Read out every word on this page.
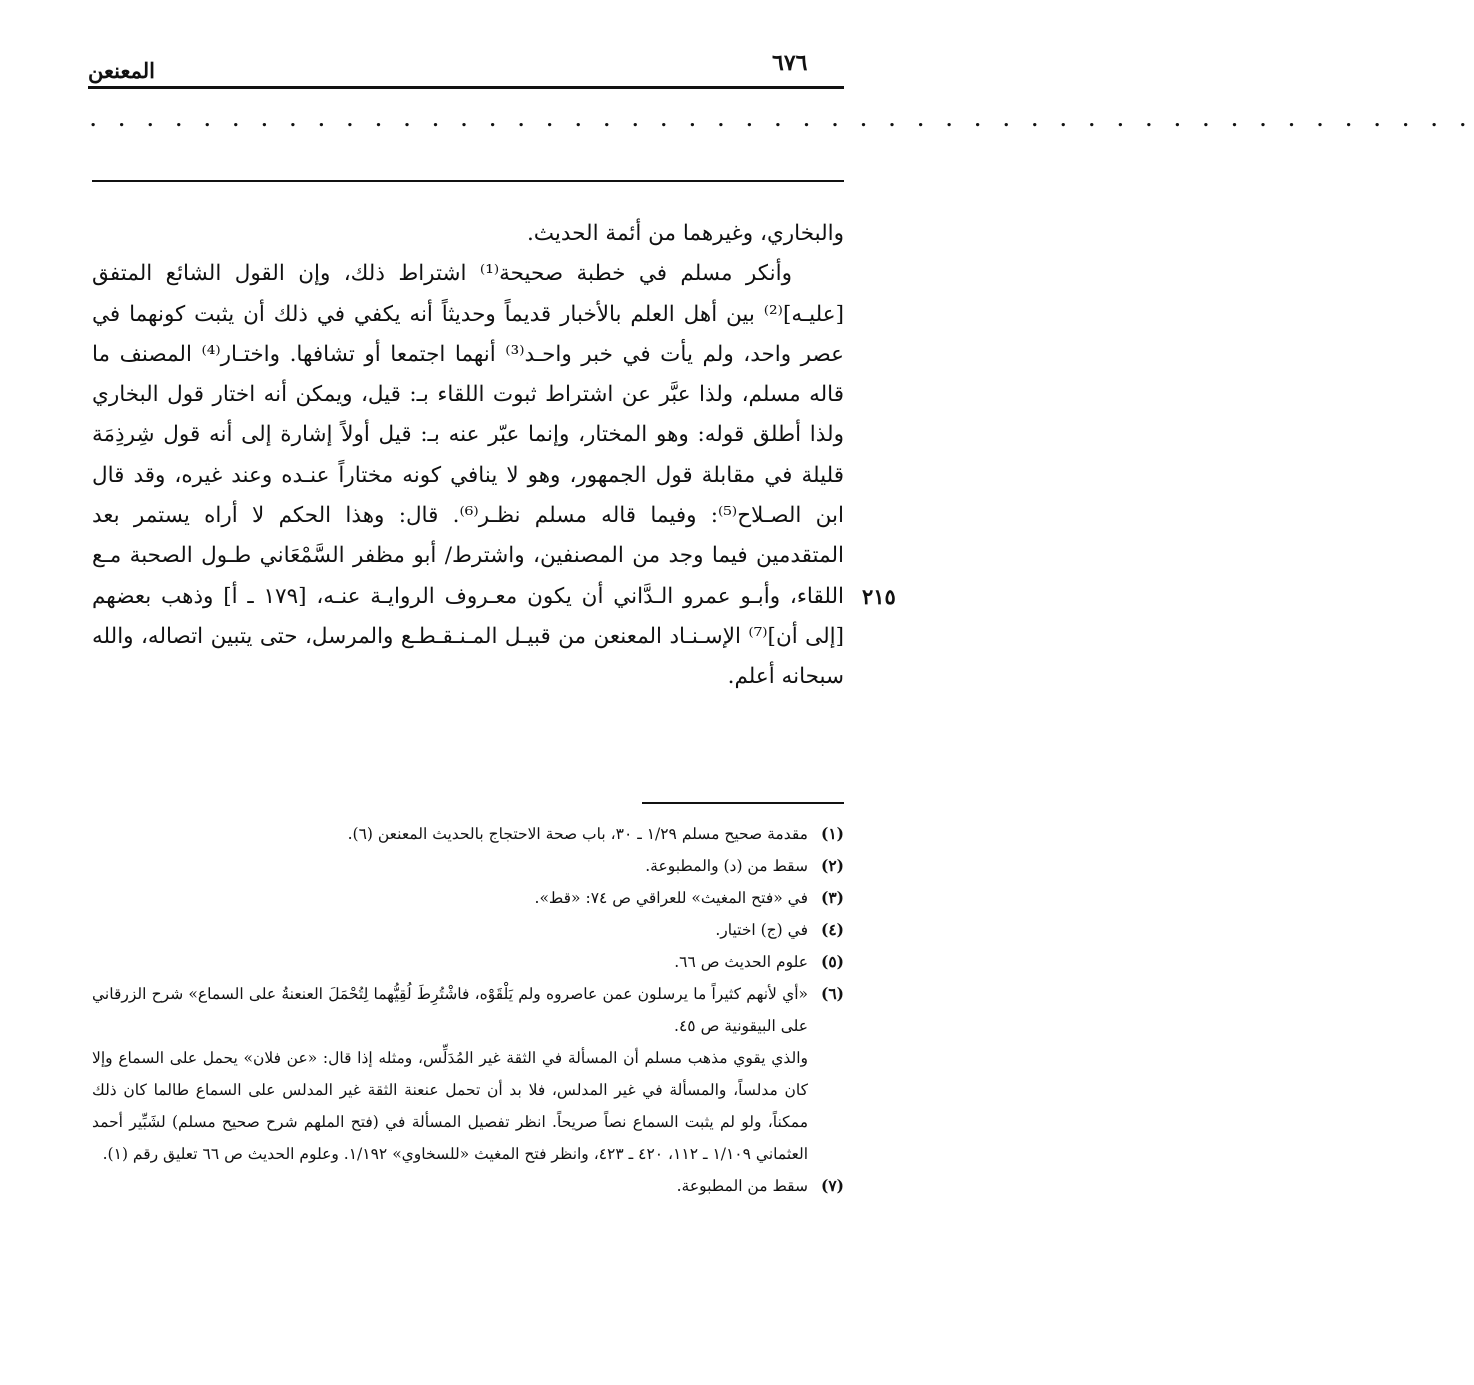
المعنعن	٦٧٦
. . . . . . . . . . . . . . . . . . . . . . . . . . . . . . . . . . . . . . . . . . . . . . . . .
٢١٥

والبخاري، وغيرهما من أئمة الحديث.

وأنكر مسلم في خطبة صحيحة⁽¹⁾ اشتراط ذلك، وإن القول الشائع المتفق [عليـه]⁽²⁾ بين أهل العلم بالأخبار قديماً وحديثاً أنه يكفي في ذلك أن يثبت كونهما في عصر واحد، ولم يأت في خبر واحـد⁽³⁾ أنهما اجتمعا أو تشافها. واختـار⁽⁴⁾ المصنف ما قاله مسلم، ولذا عبَّر عن اشتراط ثبوت اللقاء بـ: قيل، ويمكن أنه اختار قول البخاري ولذا أطلق قوله: وهو المختار، وإنما عبّر عنه بـ: قيل أولاً إشارة إلى أنه قول شِرذِمَة قليلة في مقابلة قول الجمهور، وهو لا ينافي كونه مختاراً عنـده وعند غيره، وقد قال ابن الصـلاح⁽⁵⁾: وفيما قاله مسلم نظـر⁽⁶⁾. قال: وهذا الحكم لا أراه يستمر بعد المتقدمين فيما وجد من المصنفين، واشترط/ أبو مظفر السَّمْعَاني طـول الصحبة مـع اللقاء، وأبـو عمرو الـدَّاني أن يكون معـروف الروايـة عنـه، [١٧٩ ـ أ] وذهب بعضهم [إلى أن]⁽⁷⁾ الإسـنـاد المعنعن من قبيـل المـنـقـطـع والمرسل، حتى يتبين اتصاله، والله سبحانه أعلم.

(١)
مقدمة صحيح مسلم ١/٢٩ ـ ٣٠، باب صحة الاحتجاج بالحديث المعنعن (٦).
(٢)
سقط من (د) والمطبوعة.
(٣)
في «فتح المغيث» للعراقي ص ٧٤: «قط».
(٤)
في (ج) اختيار.
(٥)
علوم الحديث ص ٦٦.
(٦)
«أي لأنهم كثيراً ما يرسلون عمن عاصروه ولم يَلْقَوْه، فاشْتُرِطَ لُقِيُّهما لِتُحْمَلَ العنعنةُ على السماع» شرح الزرقاني على البيقونية ص ٤٥.
والذي يقوي مذهب مسلم أن المسألة في الثقة غير المُدَلِّس، ومثله إذا قال: «عن فلان» يحمل على السماع وإلا كان مدلساً، والمسألة في غير المدلس، فلا بد أن تحمل عنعنة الثقة غير المدلس على السماع طالما كان ذلك ممكناً، ولو لم يثبت السماع نصاً صريحاً. انظر تفصيل المسألة في (فتح الملهم شرح صحيح مسلم) لشَبِّير أحمد العثماني ١/١٠٩ ـ ١١٢، ٤٢٠ ـ ٤٢٣، وانظر فتح المغيث «للسخاوي» ١/١٩٢. وعلوم الحديث ص ٦٦ تعليق رقم (١).
(٧)
سقط من المطبوعة.
